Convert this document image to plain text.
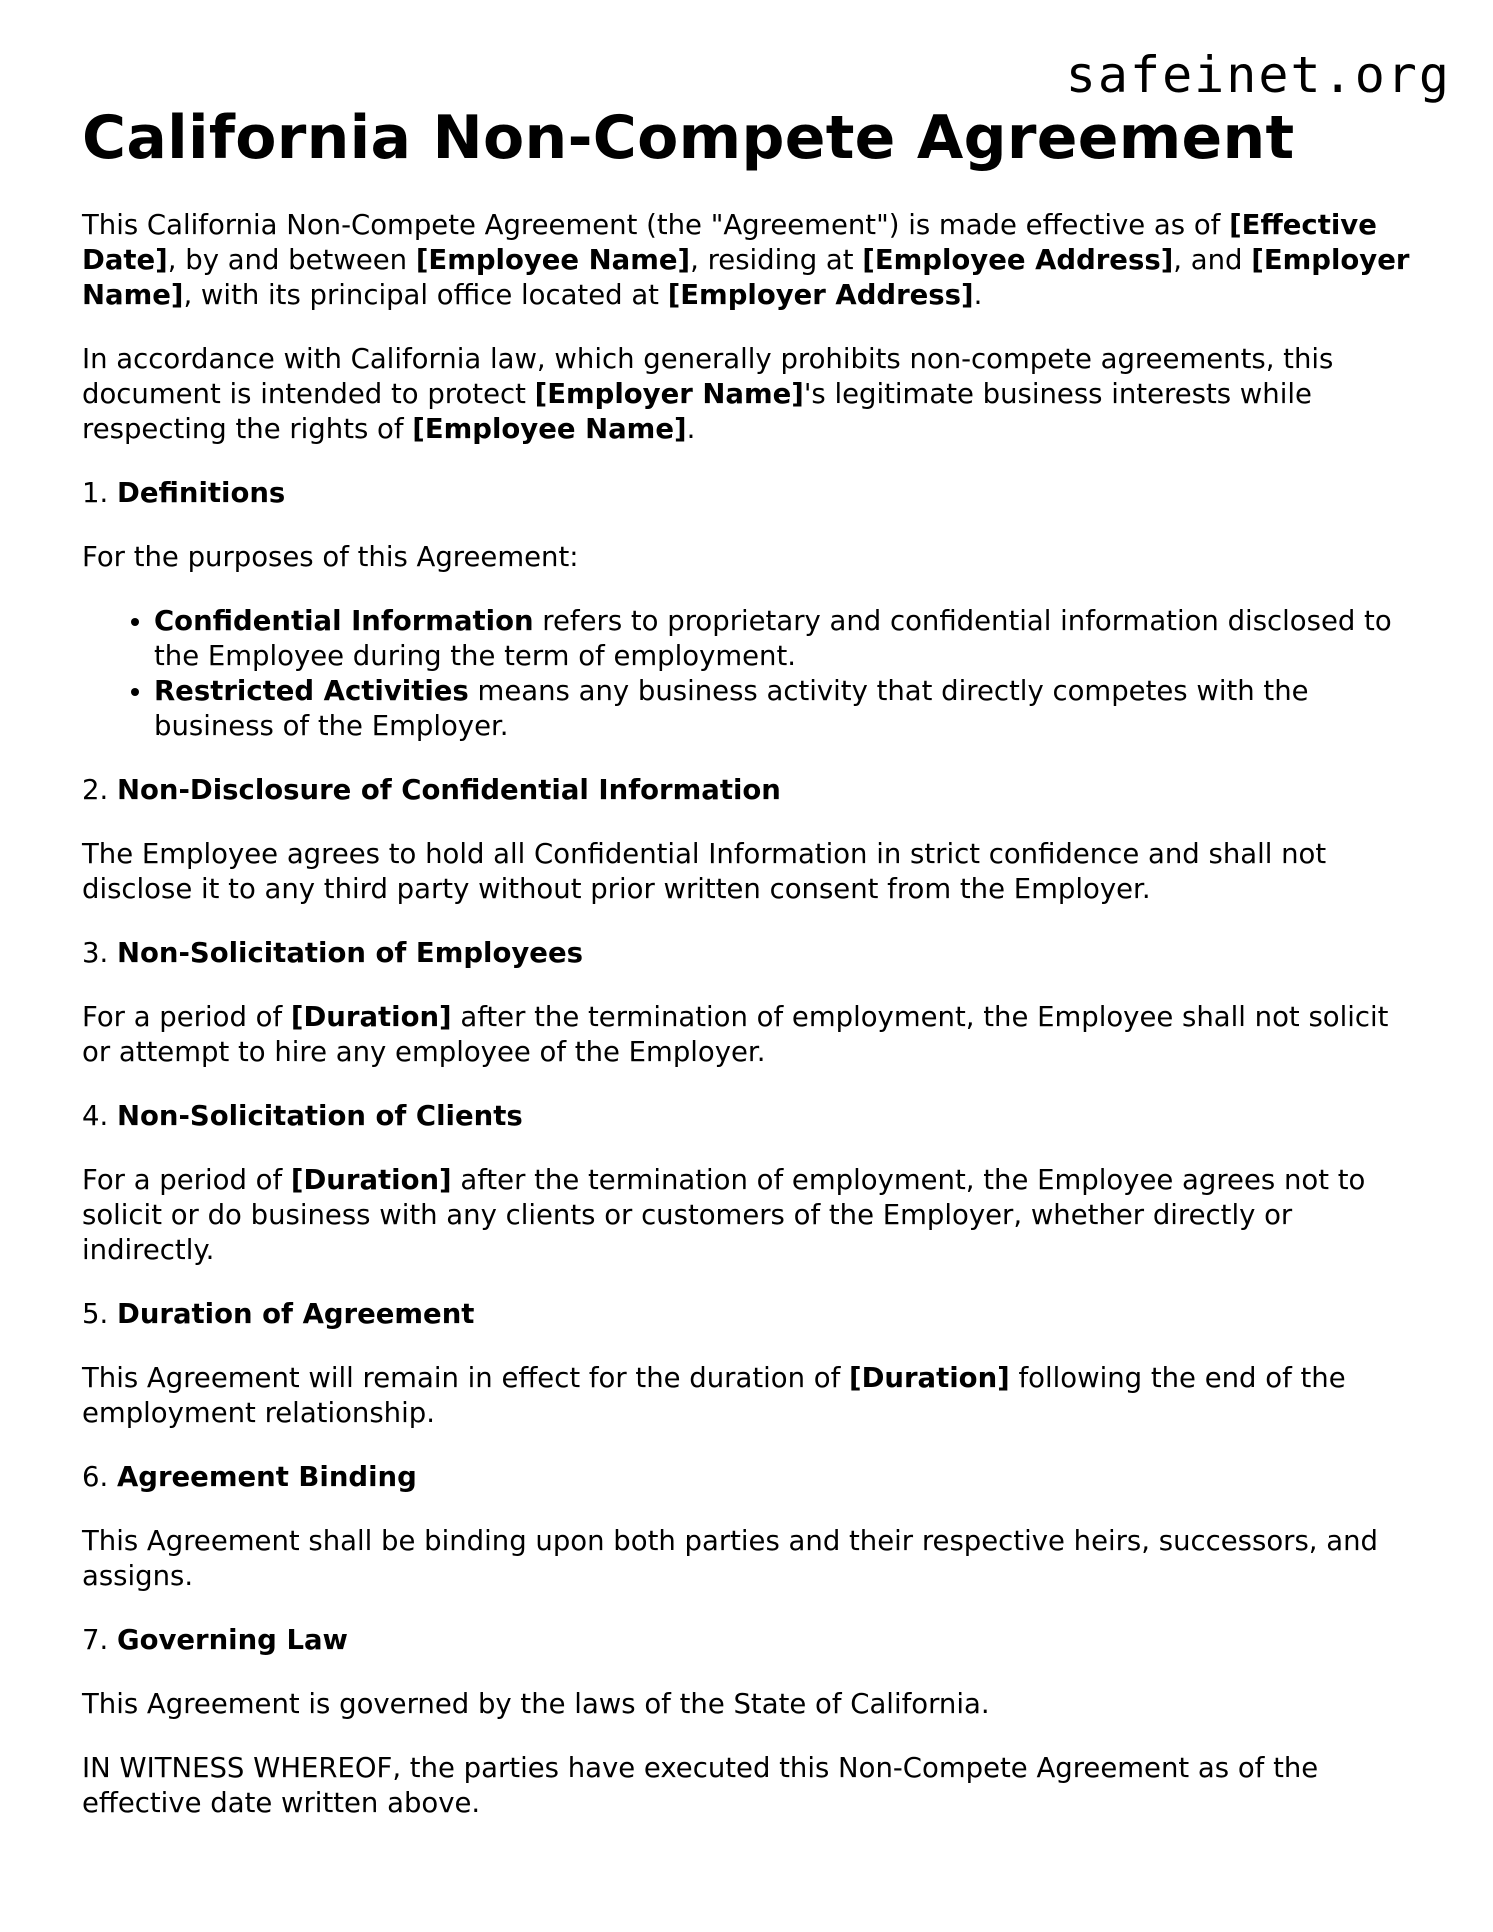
safeinet.org
California Non-Compete Agreement

This California Non-Compete Agreement (the "Agreement") is made effective as of [Effective Date], by and between [Employee Name], residing at [Employee Address], and [Employer Name], with its principal office located at [Employer Address].

In accordance with California law, which generally prohibits non-compete agreements, this document is intended to protect [Employer Name]'s legitimate business interests while respecting the rights of [Employee Name].

1. Definitions

For the purposes of this Agreement:

• Confidential Information refers to proprietary and confidential information disclosed to the Employee during the term of employment.
• Restricted Activities means any business activity that directly competes with the business of the Employer.

2. Non-Disclosure of Confidential Information

The Employee agrees to hold all Confidential Information in strict confidence and shall not disclose it to any third party without prior written consent from the Employer.

3. Non-Solicitation of Employees

For a period of [Duration] after the termination of employment, the Employee shall not solicit or attempt to hire any employee of the Employer.

4. Non-Solicitation of Clients

For a period of [Duration] after the termination of employment, the Employee agrees not to solicit or do business with any clients or customers of the Employer, whether directly or indirectly.

5. Duration of Agreement

This Agreement will remain in effect for the duration of [Duration] following the end of the employment relationship.

6. Agreement Binding

This Agreement shall be binding upon both parties and their respective heirs, successors, and assigns.

7. Governing Law

This Agreement is governed by the laws of the State of California.

IN WITNESS WHEREOF, the parties have executed this Non-Compete Agreement as of the effective date written above.
